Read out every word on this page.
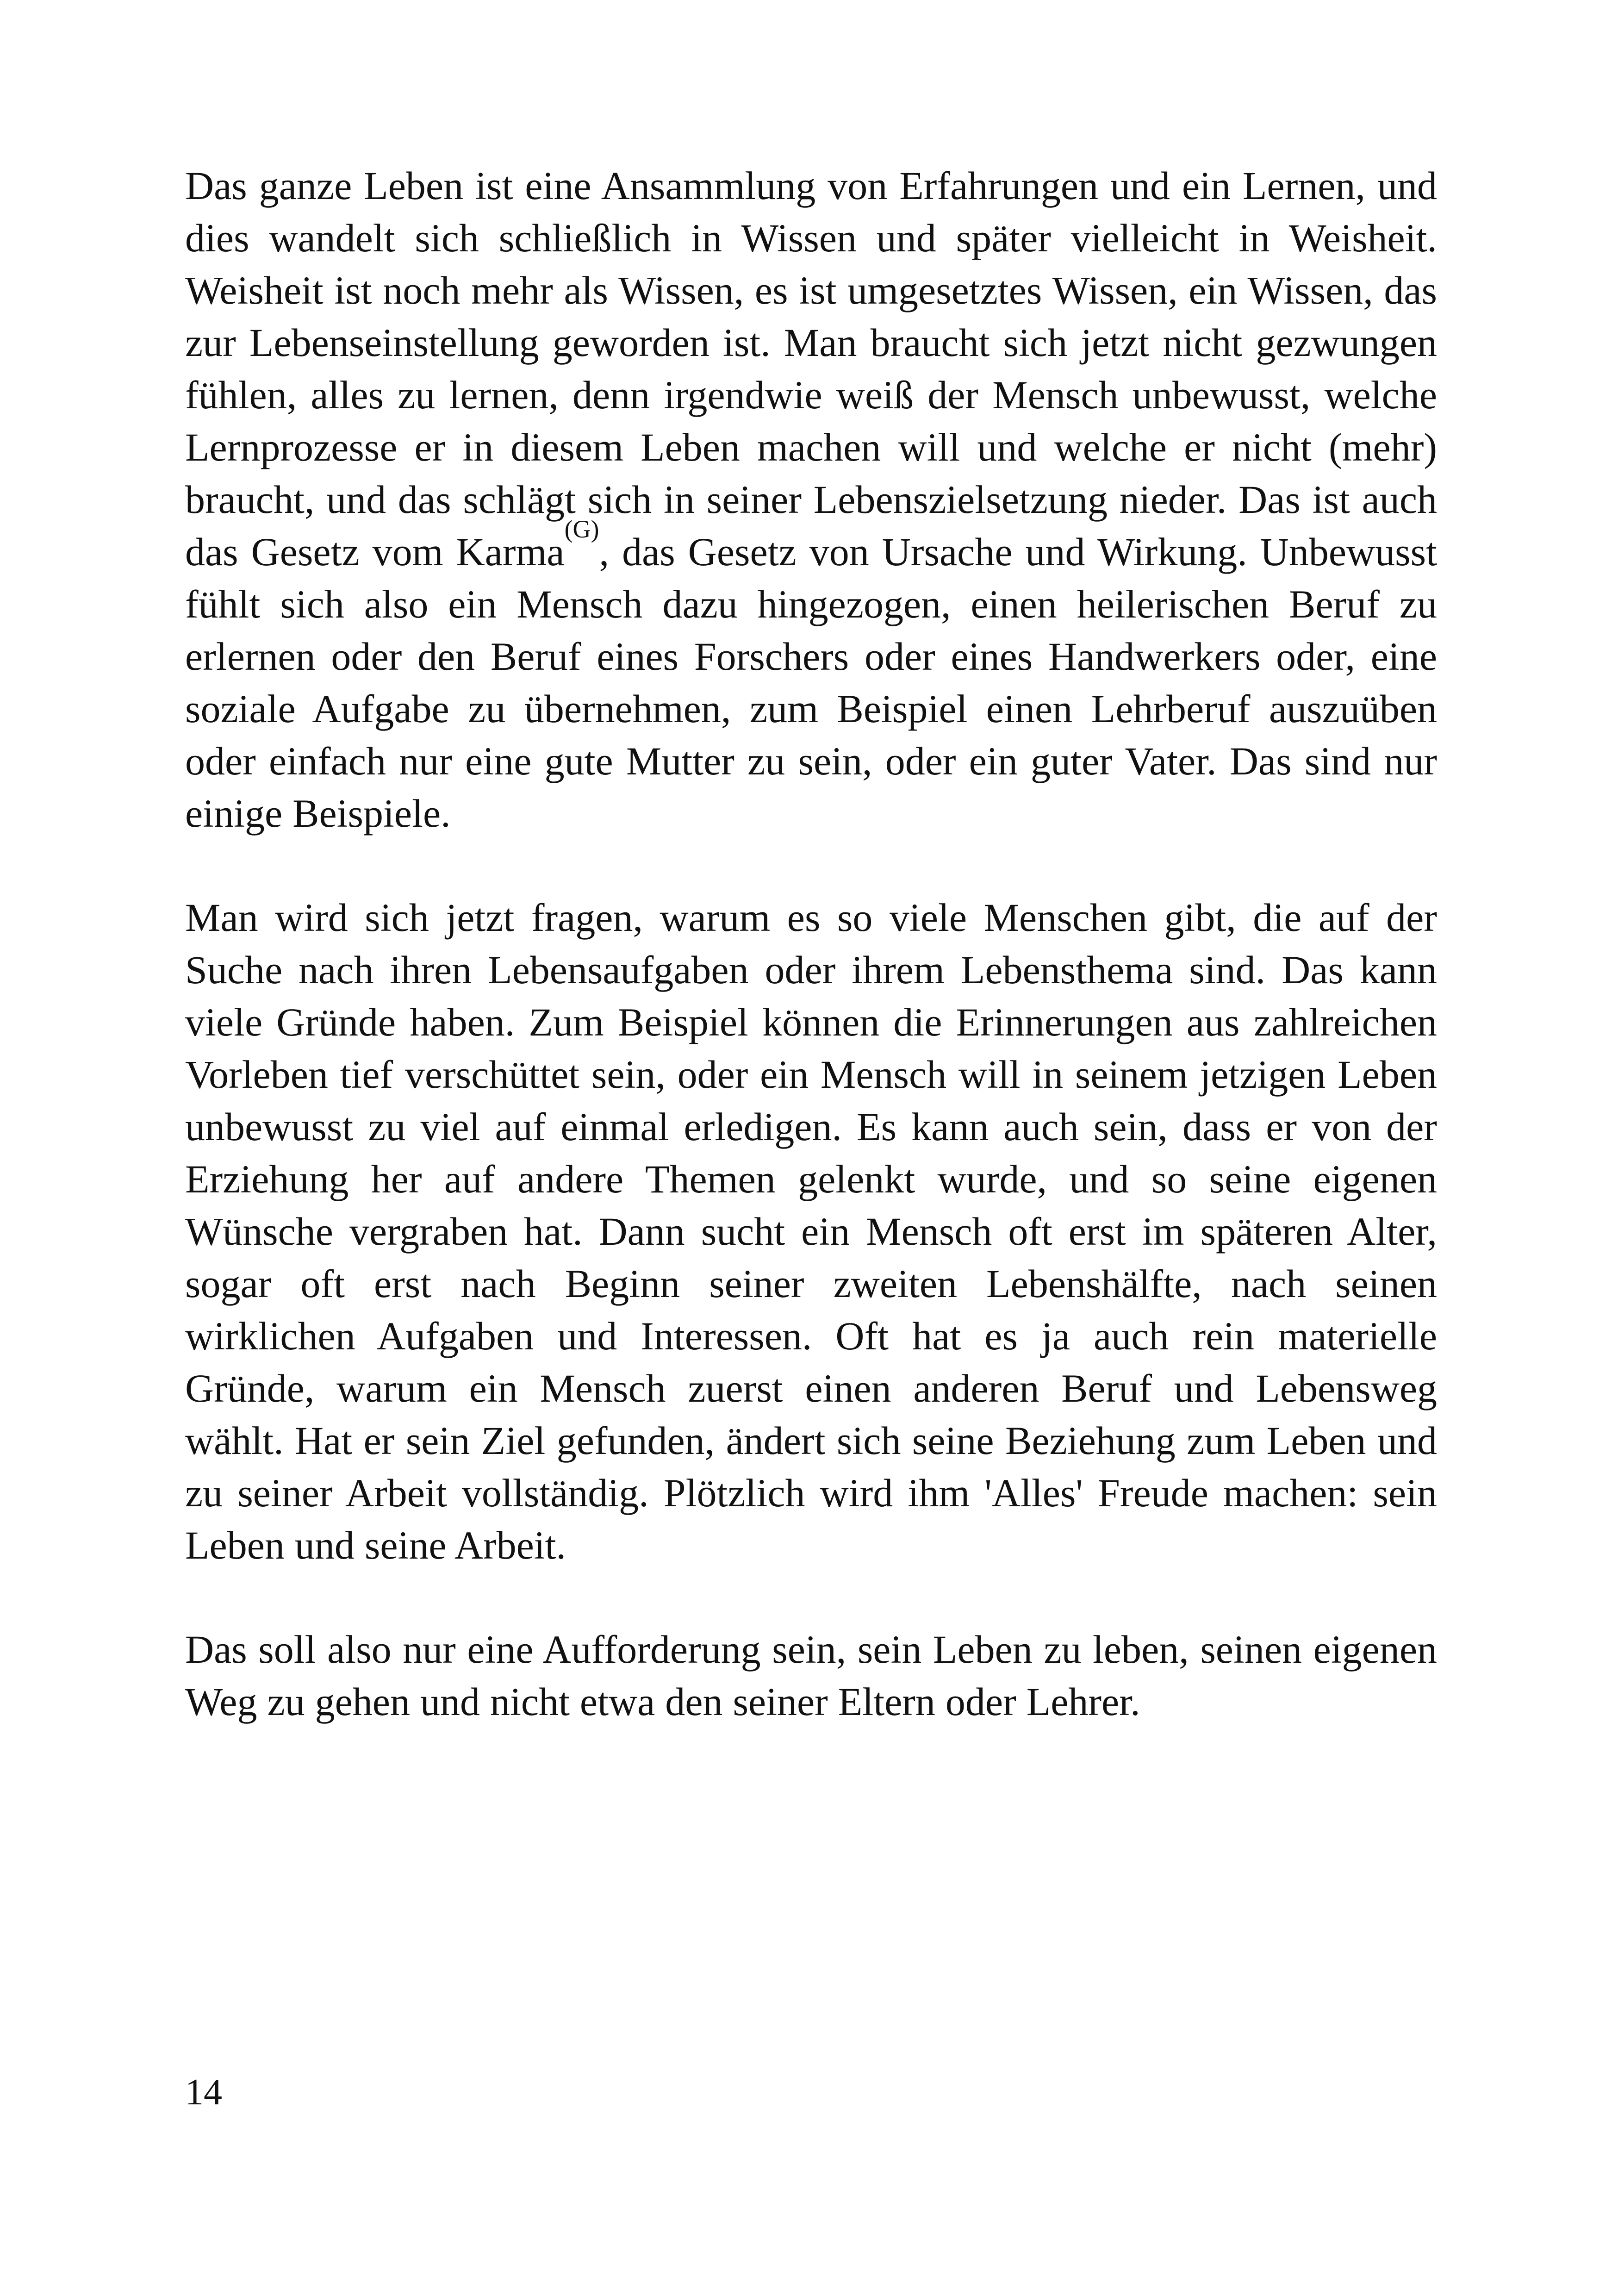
Das ganze Leben ist eine Ansammlung von Erfahrungen und ein Lernen, und dies wandelt sich schließlich in Wissen und später vielleicht in Weisheit. Weisheit ist noch mehr als Wissen, es ist umgesetztes Wissen, ein Wissen, das zur Lebenseinstellung geworden ist. Man braucht sich jetzt nicht gezwungen fühlen, alles zu lernen, denn irgendwie weiß der Mensch unbewusst, welche Lernprozesse er in diesem Leben machen will und welche er nicht (mehr) braucht, und das schlägt sich in seiner Lebenszielsetzung nieder. Das ist auch das Gesetz vom Karma$^{(G)}$, das Gesetz von Ursache und Wirkung. Unbewusst fühlt sich also ein Mensch dazu hingezogen, einen heilerischen Beruf zu erlernen oder den Beruf eines Forschers oder eines Handwerkers oder, eine soziale Aufgabe zu übernehmen, zum Beispiel einen Lehrberuf auszuüben oder einfach nur eine gute Mutter zu sein, oder ein guter Vater. Das sind nur einige Beispiele.

Man wird sich jetzt fragen, warum es so viele Menschen gibt, die auf der Suche nach ihren Lebensaufgaben oder ihrem Lebensthema sind. Das kann viele Gründe haben. Zum Beispiel können die Erinnerungen aus zahlreichen Vorleben tief verschüttet sein, oder ein Mensch will in seinem jetzigen Leben unbewusst zu viel auf einmal erledigen. Es kann auch sein, dass er von der Erziehung her auf andere Themen gelenkt wurde, und so seine eigenen Wünsche vergraben hat. Dann sucht ein Mensch oft erst im späteren Alter, sogar oft erst nach Beginn seiner zweiten Lebenshälfte, nach seinen wirklichen Aufgaben und Interessen. Oft hat es ja auch rein materielle Gründe, warum ein Mensch zuerst einen anderen Beruf und Lebensweg wählt. Hat er sein Ziel gefunden, ändert sich seine Beziehung zum Leben und zu seiner Arbeit vollständig. Plötzlich wird ihm 'Alles' Freude machen: sein Leben und seine Arbeit.

Das soll also nur eine Aufforderung sein, sein Leben zu leben, seinen eigenen Weg zu gehen und nicht etwa den seiner Eltern oder Lehrer.

14
